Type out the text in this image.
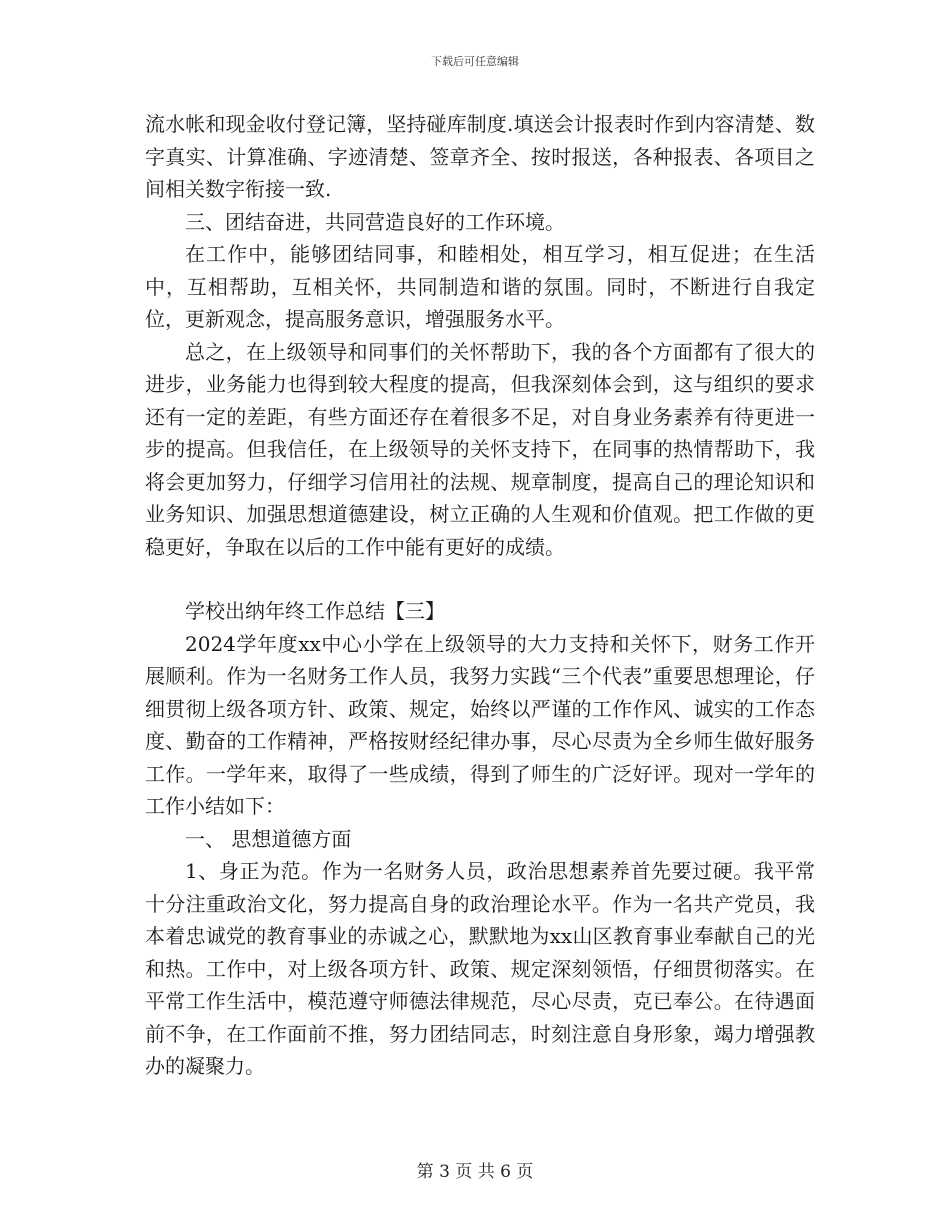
下载后可任意编辑

流水帐和现金收付登记簿，坚持碰库制度.填送会计报表时作到内容清楚、数字真实、计算准确、字迹清楚、签章齐全、按时报送，各种报表、各项目之间相关数字衔接一致.

三、团结奋进，共同营造良好的工作环境。

在工作中，能够团结同事，和睦相处，相互学习，相互促进；在生活中，互相帮助，互相关怀，共同制造和谐的氛围。同时，不断进行自我定位，更新观念，提高服务意识，增强服务水平。

总之，在上级领导和同事们的关怀帮助下，我的各个方面都有了很大的进步，业务能力也得到较大程度的提高，但我深刻体会到，这与组织的要求还有一定的差距，有些方面还存在着很多不足，对自身业务素养有待更进一步的提高。但我信任，在上级领导的关怀支持下，在同事的热情帮助下，我将会更加努力，仔细学习信用社的法规、规章制度，提高自己的理论知识和业务知识、加强思想道德建设，树立正确的人生观和价值观。把工作做的更稳更好，争取在以后的工作中能有更好的成绩。

学校出纳年终工作总结【三】

2024学年度xx中心小学在上级领导的大力支持和关怀下，财务工作开展顺利。作为一名财务工作人员，我努力实践“三个代表”重要思想理论，仔细贯彻上级各项方针、政策、规定，始终以严谨的工作作风、诚实的工作态度、勤奋的工作精神，严格按财经纪律办事，尽心尽责为全乡师生做好服务工作。一学年来，取得了一些成绩，得到了师生的广泛好评。现对一学年的工作小结如下：

一、 思想道德方面

1、身正为范。作为一名财务人员，政治思想素养首先要过硬。我平常十分注重政治文化，努力提高自身的政治理论水平。作为一名共产党员，我本着忠诚党的教育事业的赤诚之心，默默地为xx山区教育事业奉献自己的光和热。工作中，对上级各项方针、政策、规定深刻领悟，仔细贯彻落实。在平常工作生活中，模范遵守师德法律规范，尽心尽责，克已奉公。在待遇面前不争，在工作面前不推，努力团结同志，时刻注意自身形象，竭力增强教办的凝聚力。

第 3 页 共 6 页
